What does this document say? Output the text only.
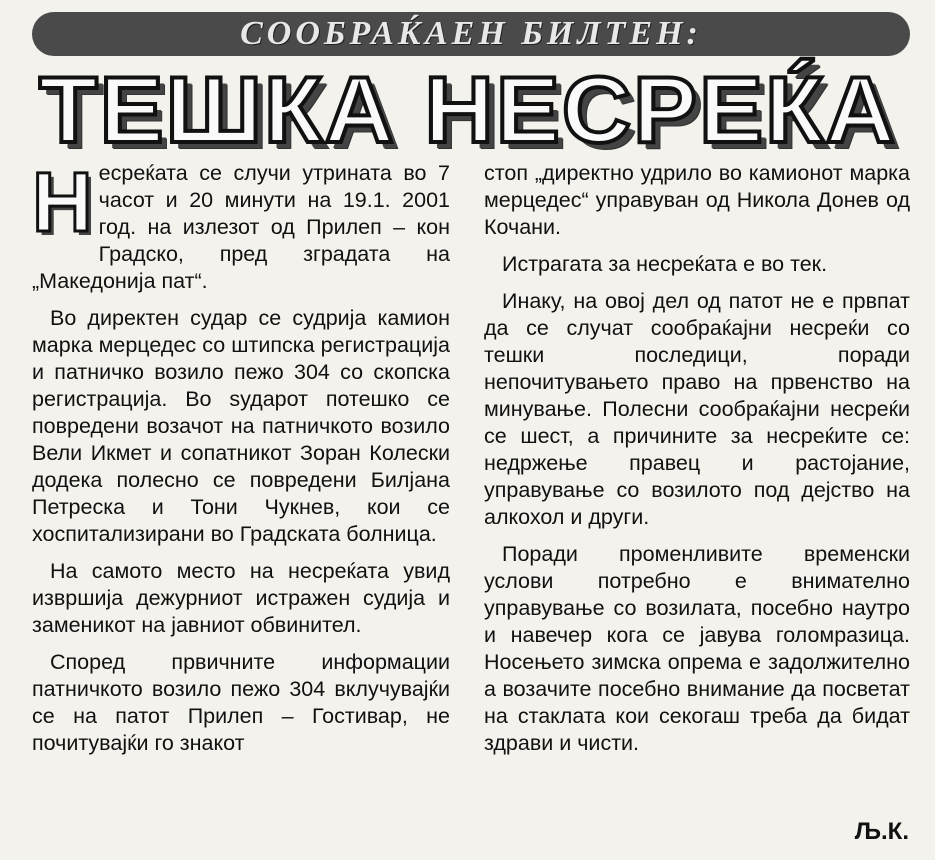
СООБРАЌАЕН БИЛТЕН:
ТЕШКА НЕСРЕЌА

Несреќата се случи утрината во 7 часот и 20 минути на 19.1. 2001 год. на излезот од Прилеп – кон Градско, пред зградата на „Македонија пат“.

Во директен судар се судрија камион марка мерцедес со штипска регистрација и патничко возило пежо 304 со скопска регистрација. Во sударот потешко се повредени возачот на патничкото возило Вели Икмет и сопатникот Зоран Колески додека полесно се повредени Билјана Петреска и Тони Чукнев, кои се хоспитализирани во Градската болница.

На самото место на несреќата увид извршија дежурниот истражен судија и заменикот на јавниот обвинител.

Според првичните информации патничкото возило пежо 304 вклучувајќи се на патот Прилеп – Гостивар, не почитувајќи го знакот

стоп „директно удрило во камионот марка мерцедес“ управуван од Никола Донев од Кочани.

Истрагата за несреќата е во тек.

Инаку, на овој дел од патот не е првпат да се случат сообраќајни несреќи со тешки последици, поради непочитувањето право на првенство на минување. Полесни сообраќајни несреќи се шест, а причините за несреќите се: недржење правец и растојание, управување со возилото под дејство на алкохол и други.

Поради променливите временски услови потребно е внимателно управување со возилата, посебно наутро и навечер кога се јавува голомразица. Носењето зимска опрема е задолжително а возачите посебно внимание да посветат на стаклата кои секогаш треба да бидат здрави и чисти.

Љ.К.
